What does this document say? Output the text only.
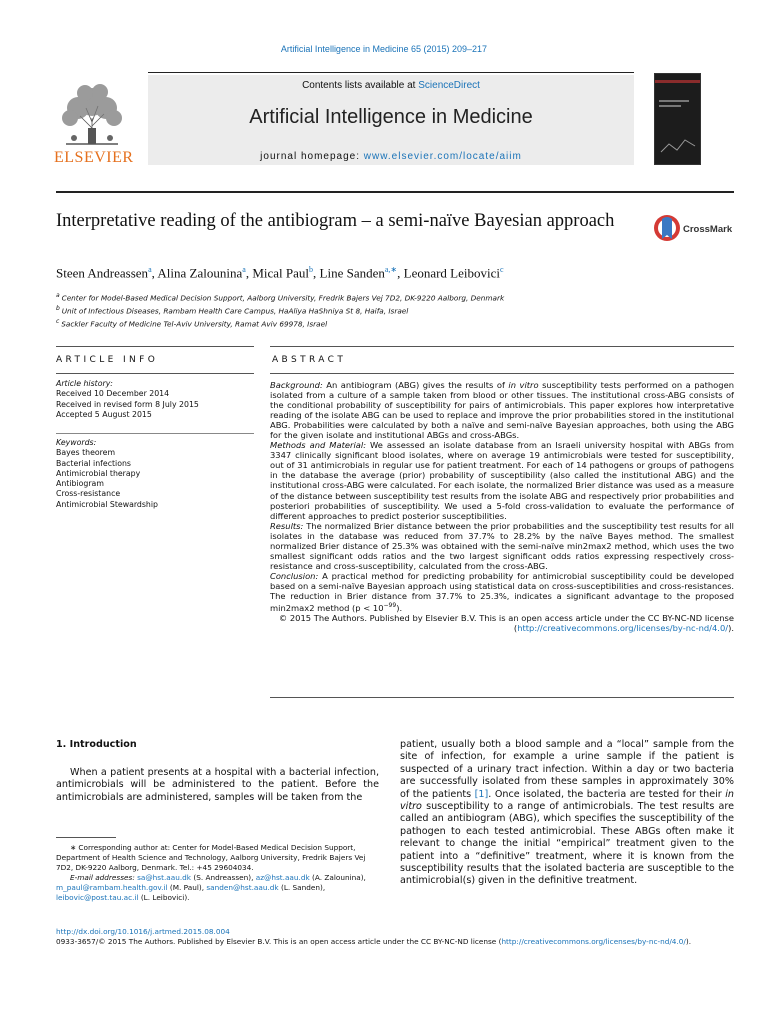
Artificial Intelligence in Medicine 65 (2015) 209–217
ELSEVIER
Contents lists available at ScienceDirect
Artificial Intelligence in Medicine
journal homepage: www.elsevier.com/locate/aiim
Interpretative reading of the antibiogram – a semi-naïve Bayesian approach	CrossMark
Steen Andreassen$^a$, Alina Zalounina$^a$, Mical Paul$^b$, Line Sanden$^{a,∗}$, Leonard Leibovici$^c$
$^a$ Center for Model-Based Medical Decision Support, Aalborg University, Fredrik Bajers Vej 7D2, DK-9220 Aalborg, Denmark
$^b$ Unit of Infectious Diseases, Rambam Health Care Campus, HaAliya HaShniya St 8, Haifa, Israel
$^c$ Sackler Faculty of Medicine Tel-Aviv University, Ramat Aviv 69978, Israel
ARTICLE INFO	ABSTRACT
Article history:
Received 10 December 2014
Received in revised form 8 July 2015
Accepted 5 August 2015
Keywords:
Bayes theorem
Bacterial infections
Antimicrobial therapy
Antibiogram
Cross-resistance
Antimicrobial Stewardship

Background: An antibiogram (ABG) gives the results of in vitro susceptibility tests performed on a pathogen isolated from a culture of a sample taken from blood or other tissues. The institutional cross-ABG consists of the conditional probability of susceptibility for pairs of antimicrobials. This paper explores how interpretative reading of the isolate ABG can be used to replace and improve the prior probabilities stored in the institutional ABG. Probabilities were calculated by both a naïve and semi-naïve Bayesian approaches, both using the ABG for the given isolate and institutional ABGs and cross-ABGs.

Methods and Material: We assessed an isolate database from an Israeli university hospital with ABGs from 3347 clinically significant blood isolates, where on average 19 antimicrobials were tested for susceptibility, out of 31 antimicrobials in regular use for patient treatment. For each of 14 pathogens or groups of pathogens in the database the average (prior) probability of susceptibility (also called the institutional ABG) and the institutional cross-ABG were calculated. For each isolate, the normalized Brier distance was used as a measure of the distance between susceptibility test results from the isolate ABG and respectively prior probabilities and posteriori probabilities of susceptibility. We used a 5-fold cross-validation to evaluate the performance of different approaches to predict posterior susceptibilities.

Results: The normalized Brier distance between the prior probabilities and the susceptibility test results for all isolates in the database was reduced from 37.7% to 28.2% by the naïve Bayes method. The smallest normalized Brier distance of 25.3% was obtained with the semi-naïve min2max2 method, which uses the two smallest significant odds ratios and the two largest significant odds ratios expressing respectively cross-resistance and cross-susceptibility, calculated from the cross-ABG.

Conclusion: A practical method for predicting probability for antimicrobial susceptibility could be developed based on a semi-naïve Bayesian approach using statistical data on cross-susceptibilities and cross-resistances. The reduction in Brier distance from 37.7% to 25.3%, indicates a significant advantage to the proposed min2max2 method $(p < 10^{-99})$.

© 2015 The Authors. Published by Elsevier B.V. This is an open access article under the CC BY-NC-ND license (http://creativecommons.org/licenses/by-nc-nd/4.0/).

1. Introduction

When a patient presents at a hospital with a bacterial infection, antimicrobials will be administered to the patient. Before the antimicrobials are administered, samples will be taken from the

patient, usually both a blood sample and a “local” sample from the site of infection, for example a urine sample if the patient is suspected of a urinary tract infection. Within a day or two bacteria are successfully isolated from these samples in approximately 30% of the patients [1]. Once isolated, the bacteria are tested for their in vitro susceptibility to a range of antimicrobials. The test results are called an antibiogram (ABG), which specifies the susceptibility of the pathogen to each tested antimicrobial. These ABGs often make it relevant to change the initial “empirical” treatment given to the patient into a “definitive” treatment, where it is known from the susceptibility results that the isolated bacteria are susceptible to the antimicrobial(s) given in the definitive treatment.

∗ Corresponding author at: Center for Model-Based Medical Decision Support, Department of Health Science and Technology, Aalborg University, Fredrik Bajers Vej 7D2, DK-9220 Aalborg, Denmark. Tel.: +45 29604034.

E-mail addresses: sa@hst.aau.dk (S. Andreassen), az@hst.aau.dk (A. Zalounina), m_paul@rambam.health.gov.il (M. Paul), sanden@hst.aau.dk (L. Sanden), leibovic@post.tau.ac.il (L. Leibovici).

http://dx.doi.org/10.1016/j.artmed.2015.08.004

0933-3657/© 2015 The Authors. Published by Elsevier B.V. This is an open access article under the CC BY-NC-ND license (http://creativecommons.org/licenses/by-nc-nd/4.0/).
